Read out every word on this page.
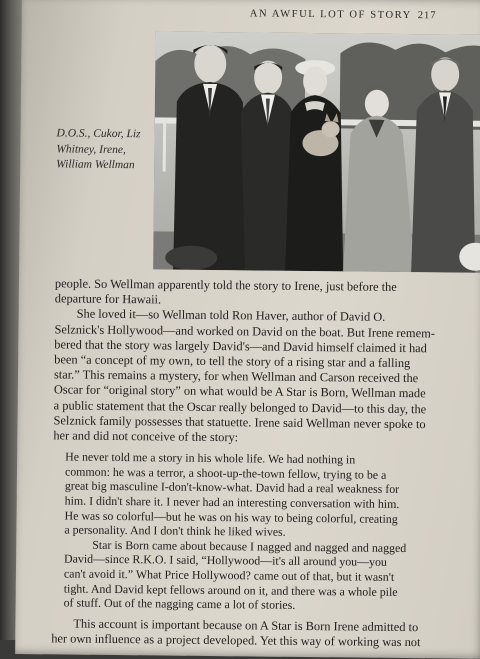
AN AWFUL LOT OF STORY 217
D.O.S., Cukor, Liz
Whitney, Irene,
William Wellman
people. So Wellman apparently told the story to Irene, just before the
departure for Hawaii.
She loved it—so Wellman told Ron Haver, author of David O.
Selznick's Hollywood—and worked on David on the boat. But Irene remem-
bered that the story was largely David's—and David himself claimed it had
been “a concept of my own, to tell the story of a rising star and a falling
star.” This remains a mystery, for when Wellman and Carson received the
Oscar for “original story” on what would be A Star is Born, Wellman made
a public statement that the Oscar really belonged to David—to this day, the
Selznick family possesses that statuette. Irene said Wellman never spoke to
her and did not conceive of the story:
He never told me a story in his whole life. We had nothing in
common: he was a terror, a shoot-up-the-town fellow, trying to be a
great big masculine I-don't-know-what. David had a real weakness for
him. I didn't share it. I never had an interesting conversation with him.
He was so colorful—but he was on his way to being colorful, creating
a personality. And I don't think he liked wives.
Star is Born came about because I nagged and nagged and nagged
David—since R.K.O. I said, “Hollywood—it's all around you—you
can't avoid it.” What Price Hollywood? came out of that, but it wasn't
tight. And David kept fellows around on it, and there was a whole pile
of stuff. Out of the nagging came a lot of stories.
This account is important because on A Star is Born Irene admitted to
her own influence as a project developed. Yet this way of working was not
